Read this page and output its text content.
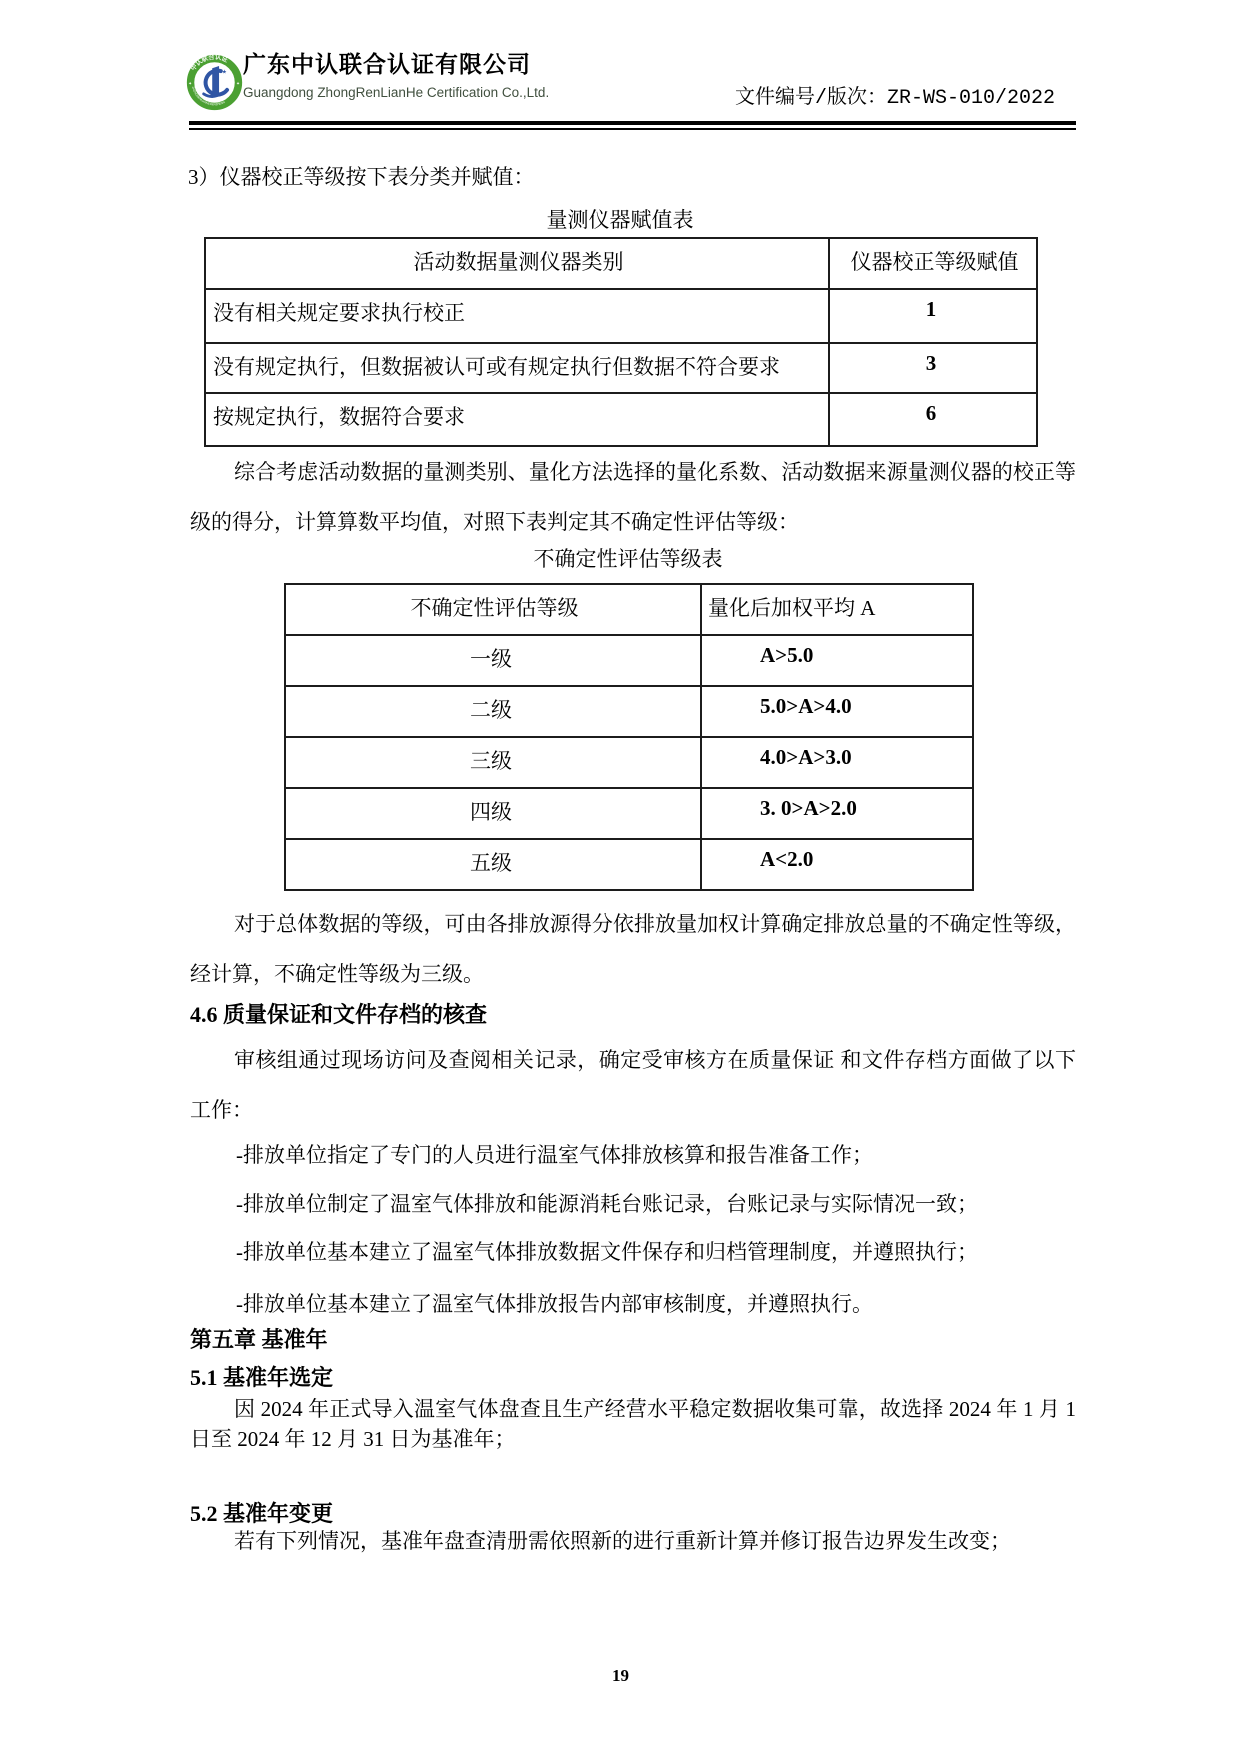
中认联合认证
ZHONGRENLIANHERENZHENG
✦	✦
★ 广东中认联合认证有限公司
Guangdong ZhongRenLianHe Certification Co.,Ltd.	文件编号/版次：ZR-WS-010/2022
3）仪器校正等级按下表分类并赋值：
量测仪器赋值表
活动数据量测仪器类别	仪器校正等级赋值
没有相关规定要求执行校正	1
没有规定执行，但数据被认可或有规定执行但数据不符合要求	3
按规定执行，数据符合要求	6
综合考虑活动数据的量测类别、量化方法选择的量化系数、活动数据来源量测仪器的校正等级的得分，计算算数平均值，对照下表判定其不确定性评估等级：
不确定性评估等级表
不确定性评估等级	量化后加权平均 A
一级	A>5.0
二级	5.0>A>4.0
三级	4.0>A>3.0
四级	3. 0>A>2.0
五级	A<2.0
对于总体数据的等级，可由各排放源得分依排放量加权计算确定排放总量的不确定性等级，经计算，不确定性等级为三级。
4.6 质量保证和文件存档的核查
审核组通过现场访问及查阅相关记录，确定受审核方在质量保证 和文件存档方面做了以下工作：
-排放单位指定了专门的人员进行温室气体排放核算和报告准备工作；
-排放单位制定了温室气体排放和能源消耗台账记录，台账记录与实际情况一致；
-排放单位基本建立了温室气体排放数据文件保存和归档管理制度，并遵照执行；
-排放单位基本建立了温室气体排放报告内部审核制度，并遵照执行。
第五章 基准年
5.1 基准年选定
因 2024 年正式导入温室气体盘查且生产经营水平稳定数据收集可靠，故选择 2024 年 1 月 1 日至 2024 年 12 月 31 日为基准年；
5.2 基准年变更
若有下列情况，基准年盘查清册需依照新的进行重新计算并修订报告边界发生改变；
19
